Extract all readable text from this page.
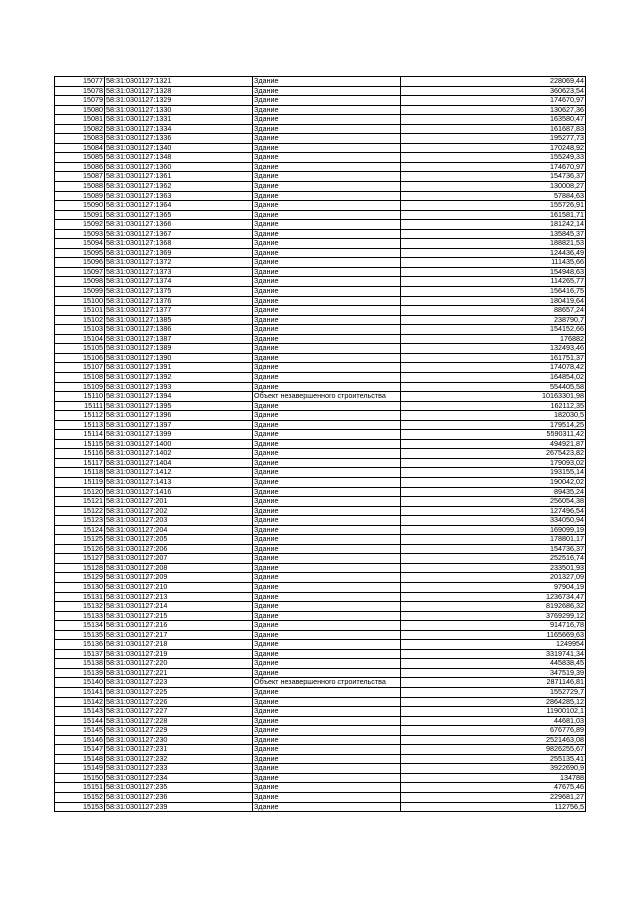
15077	58:31:0301127:1321	Здание	228069,44
15078	58:31:0301127:1328	Здание	360623,54
15079	58:31:0301127:1329	Здание	174670,97
15080	58:31:0301127:1330	Здание	130627,36
15081	58:31:0301127:1331	Здание	163580,47
15082	58:31:0301127:1334	Здание	161687,83
15083	58:31:0301127:1336	Здание	195277,73
15084	58:31:0301127:1340	Здание	170248,92
15085	58:31:0301127:1348	Здание	155249,33
15086	58:31:0301127:1360	Здание	174670,97
15087	58:31:0301127:1361	Здание	154736,37
15088	58:31:0301127:1362	Здание	130008,27
15089	58:31:0301127:1363	Здание	57884,63
15090	58:31:0301127:1364	Здание	155726,91
15091	58:31:0301127:1365	Здание	161581,71
15092	58:31:0301127:1366	Здание	181242,14
15093	58:31:0301127:1367	Здание	135845,37
15094	58:31:0301127:1368	Здание	188821,53
15095	58:31:0301127:1369	Здание	124436,49
15096	58:31:0301127:1372	Здание	111435,66
15097	58:31:0301127:1373	Здание	154948,63
15098	58:31:0301127:1374	Здание	114265,77
15099	58:31:0301127:1375	Здание	156416,75
15100	58:31:0301127:1376	Здание	180419,64
15101	58:31:0301127:1377	Здание	88657,24
15102	58:31:0301127:1385	Здание	238790,7
15103	58:31:0301127:1386	Здание	154152,66
15104	58:31:0301127:1387	Здание	176882
15105	58:31:0301127:1389	Здание	132493,46
15106	58:31:0301127:1390	Здание	161751,37
15107	58:31:0301127:1391	Здание	174078,42
15108	58:31:0301127:1392	Здание	164854,02
15109	58:31:0301127:1393	Здание	554405,58
15110	58:31:0301127:1394	Объект незавершенного строительства	10163301,98
15111	58:31:0301127:1395	Здание	162112,35
15112	58:31:0301127:1396	Здание	182030,5
15113	58:31:0301127:1397	Здание	179514,25
15114	58:31:0301127:1399	Здание	5590311,42
15115	58:31:0301127:1400	Здание	494921,87
15116	58:31:0301127:1402	Здание	2675423,82
15117	58:31:0301127:1404	Здание	179093,02
15118	58:31:0301127:1412	Здание	193155,14
15119	58:31:0301127:1413	Здание	190042,02
15120	58:31:0301127:1416	Здание	89435,24
15121	58:31:0301127:201	Здание	256054,38
15122	58:31:0301127:202	Здание	127496,54
15123	58:31:0301127:203	Здание	334050,94
15124	58:31:0301127:204	Здание	169099,19
15125	58:31:0301127:205	Здание	178801,17
15126	58:31:0301127:206	Здание	154736,37
15127	58:31:0301127:207	Здание	252516,74
15128	58:31:0301127:208	Здание	233501,93
15129	58:31:0301127:209	Здание	201327,09
15130	58:31:0301127:210	Здание	97904,19
15131	58:31:0301127:213	Здание	1236734,47
15132	58:31:0301127:214	Здание	8192686,32
15133	58:31:0301127:215	Здание	3769299,12
15134	58:31:0301127:216	Здание	914716,78
15135	58:31:0301127:217	Здание	1165669,63
15136	58:31:0301127:218	Здание	1249954
15137	58:31:0301127:219	Здание	3319741,34
15138	58:31:0301127:220	Здание	445838,45
15139	58:31:0301127:221	Здание	347519,39
15140	58:31:0301127:223	Объект незавершенного строительства	2871146,81
15141	58:31:0301127:225	Здание	1552729,7
15142	58:31:0301127:226	Здание	2864285,12
15143	58:31:0301127:227	Здание	11900102,1
15144	58:31:0301127:228	Здание	44681,03
15145	58:31:0301127:229	Здание	676776,89
15146	58:31:0301127:230	Здание	2521463,08
15147	58:31:0301127:231	Здание	9826255,67
15148	58:31:0301127:232	Здание	255135,41
15149	58:31:0301127:233	Здание	3922690,9
15150	58:31:0301127:234	Здание	134788
15151	58:31:0301127:235	Здание	47675,46
15152	58:31:0301127:236	Здание	229681,27
15153	58:31:0301127:239	Здание	112756,5
